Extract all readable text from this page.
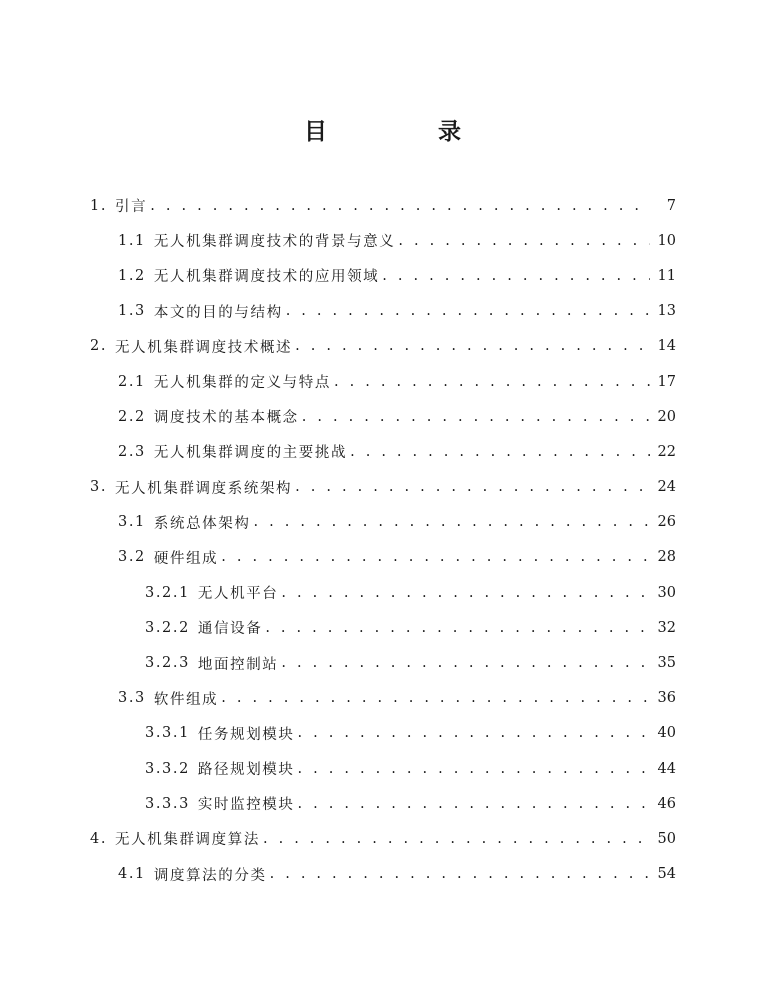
目　录
1. 引言 . . .	7
1.1 无人机集群调度技术的背景与意义 . . .	10
1.2 无人机集群调度技术的应用领域 . . .	11
1.3 本文的目的与结构 . . .	13
2. 无人机集群调度技术概述 . . .	14
2.1 无人机集群的定义与特点 . . .	17
2.2 调度技术的基本概念 . . .	20
2.3 无人机集群调度的主要挑战 . . .	22
3. 无人机集群调度系统架构 . . .	24
3.1 系统总体架构 . . .	26
3.2 硬件组成 . . .	28
3.2.1 无人机平台 . . .	30
3.2.2 通信设备 . . .	32
3.2.3 地面控制站 . . .	35
3.3 软件组成 . . .	36
3.3.1 任务规划模块 . . .	40
3.3.2 路径规划模块 . . .	44
3.3.3 实时监控模块 . . .	46
4. 无人机集群调度算法 . . .	50
4.1 调度算法的分类 . . .	54
